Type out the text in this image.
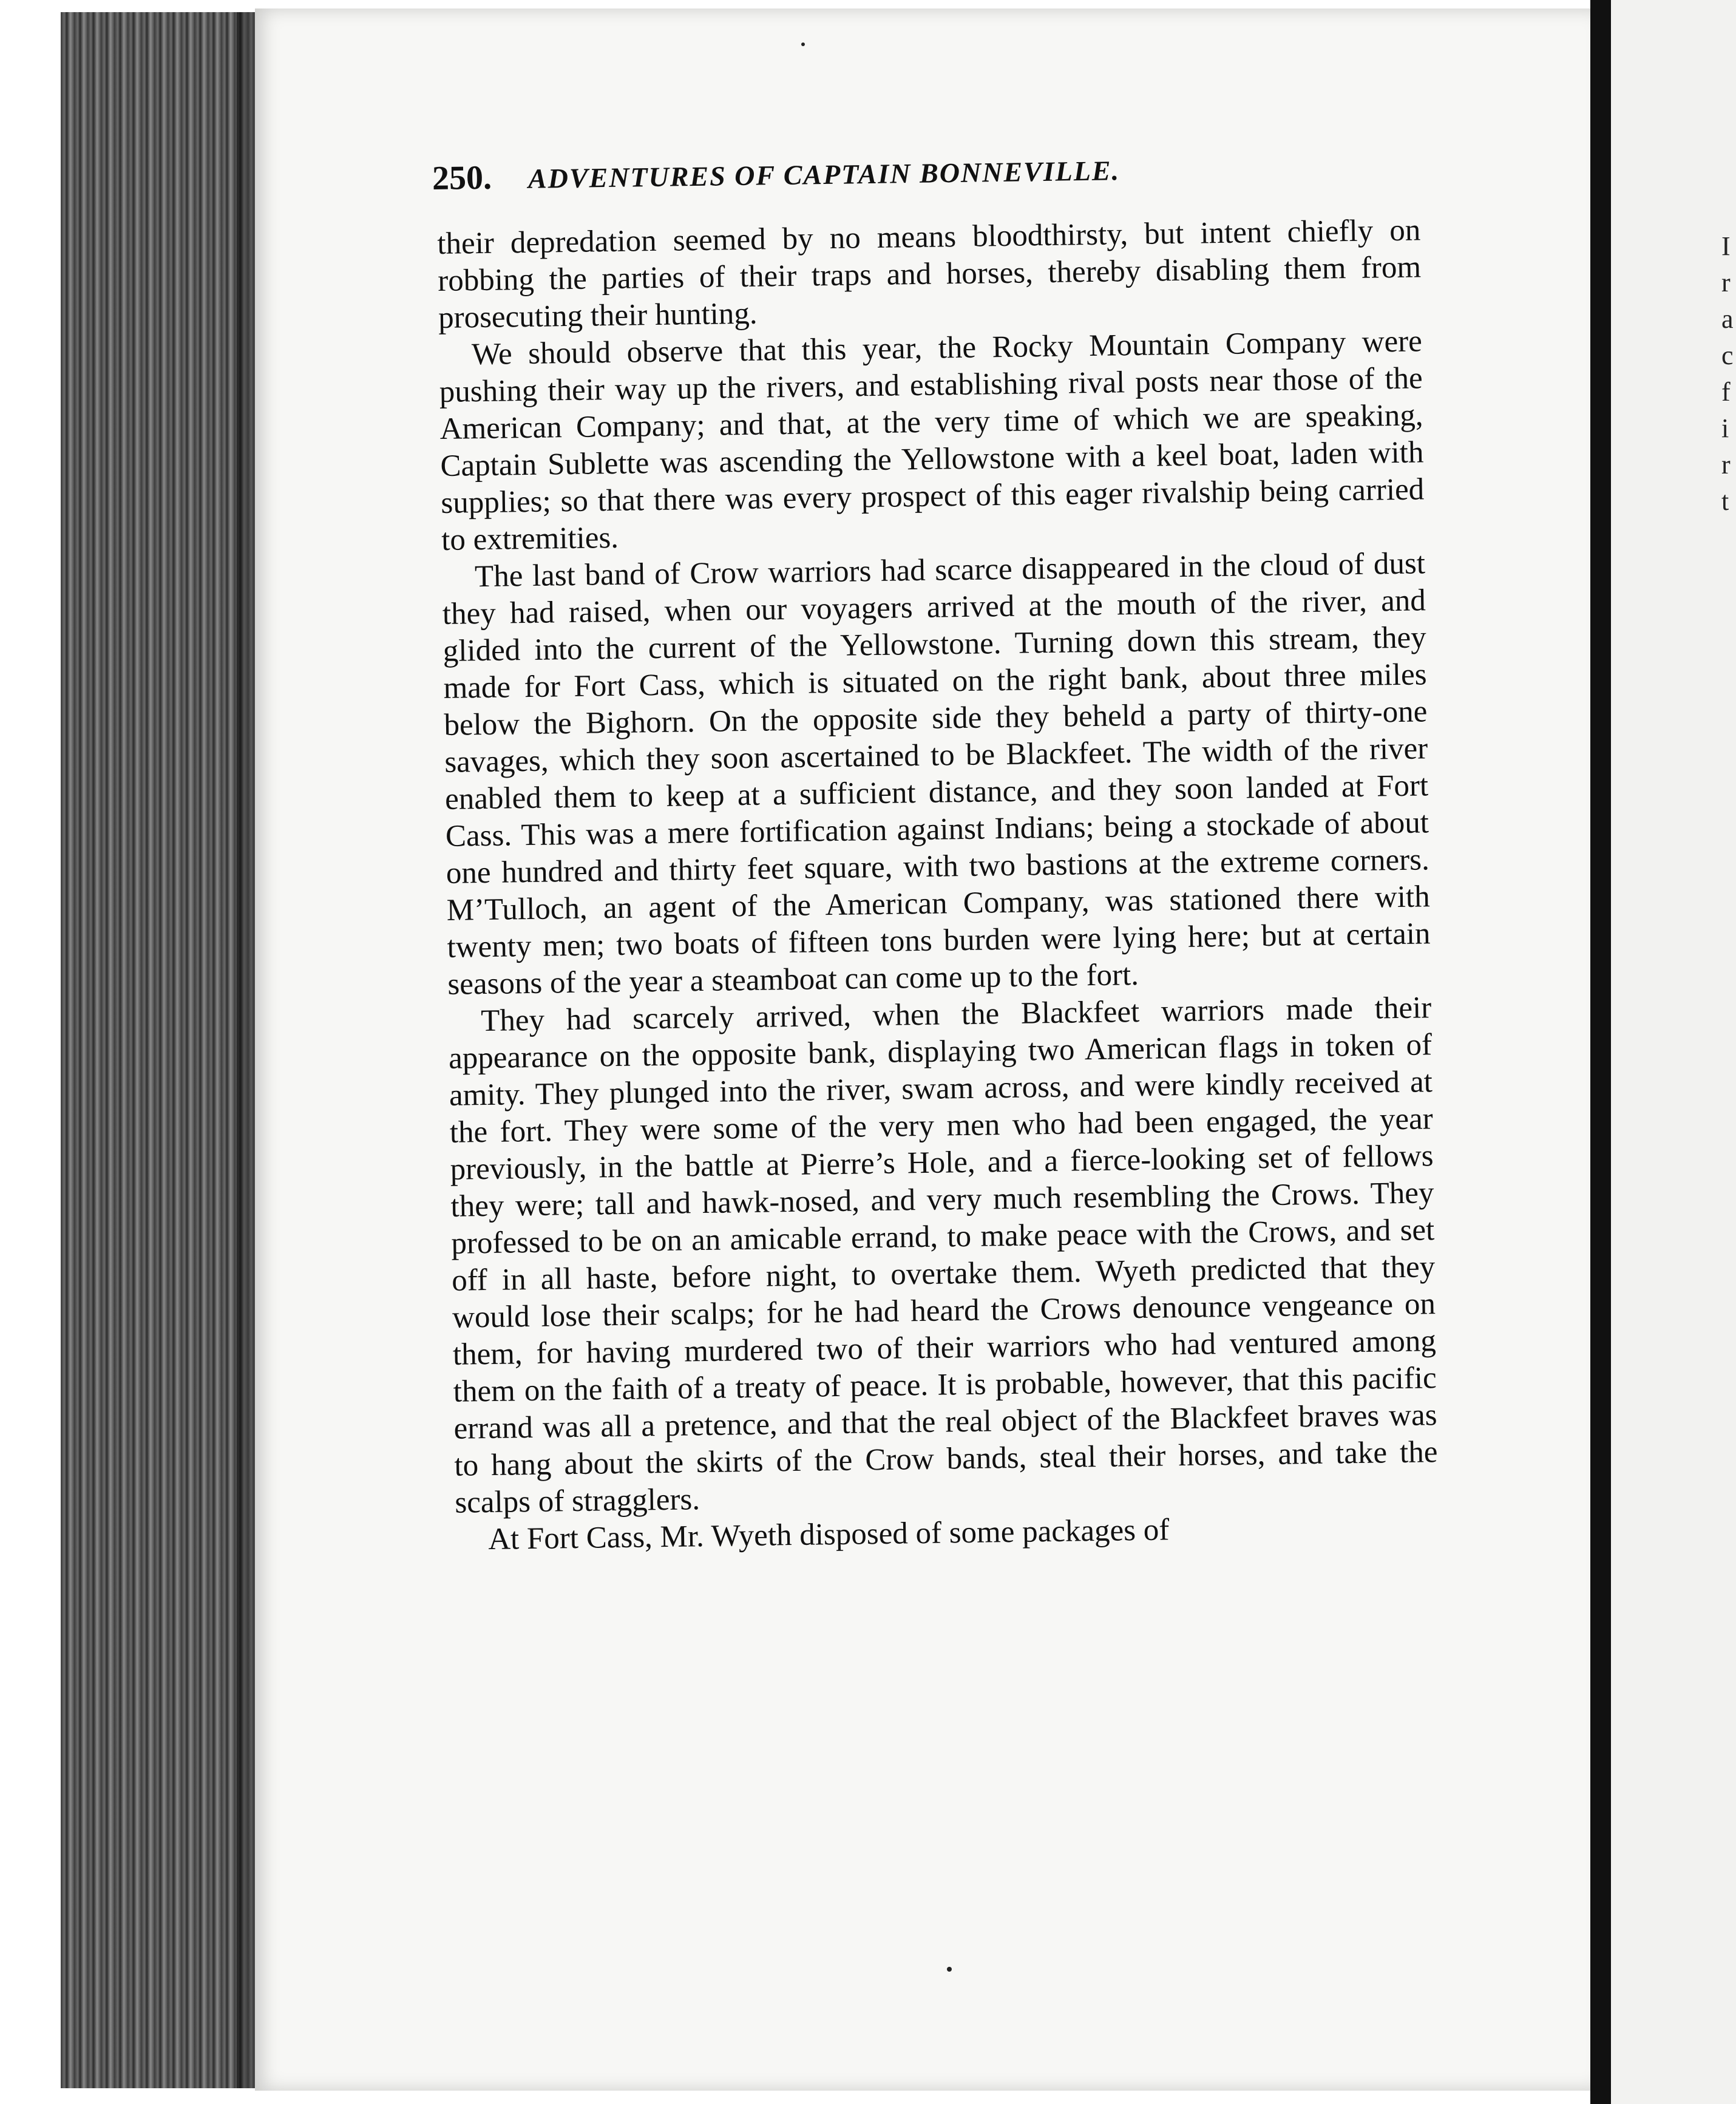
I
r
a
c
f
i
r
t
250. ADVENTURES OF CAPTAIN BONNEVILLE.

their depredation seemed by no means bloodthirsty, but intent chiefly on robbing the parties of their traps and horses, thereby disabling them from prosecuting their hunting.

We should observe that this year, the Rocky Mountain Company were pushing their way up the rivers, and establishing rival posts near those of the American Company; and that, at the very time of which we are speaking, Captain Sublette was ascending the Yellowstone with a keel boat, laden with supplies; so that there was every prospect of this eager rivalship being carried to extremities.

The last band of Crow warriors had scarce disappeared in the cloud of dust they had raised, when our voyagers arrived at the mouth of the river, and glided into the current of the Yellowstone. Turning down this stream, they made for Fort Cass, which is situated on the right bank, about three miles below the Bighorn. On the opposite side they beheld a party of thirty-one savages, which they soon ascertained to be Blackfeet. The width of the river enabled them to keep at a sufficient distance, and they soon landed at Fort Cass. This was a mere fortification against Indians; being a stockade of about one hundred and thirty feet square, with two bastions at the extreme corners. M’Tulloch, an agent of the American Company, was stationed there with twenty men; two boats of fifteen tons burden were lying here; but at certain seasons of the year a steamboat can come up to the fort.

They had scarcely arrived, when the Blackfeet warriors made their appearance on the opposite bank, displaying two American flags in token of amity. They plunged into the river, swam across, and were kindly received at the fort. They were some of the very men who had been engaged, the year previously, in the battle at Pierre’s Hole, and a fierce-looking set of fellows they were; tall and hawk-nosed, and very much resembling the Crows. They professed to be on an amicable errand, to make peace with the Crows, and set off in all haste, before night, to overtake them. Wyeth predicted that they would lose their scalps; for he had heard the Crows denounce vengeance on them, for having murdered two of their warriors who had ventured among them on the faith of a treaty of peace. It is probable, however, that this pacific errand was all a pretence, and that the real object of the Blackfeet braves was to hang about the skirts of the Crow bands, steal their horses, and take the scalps of stragglers.

At Fort Cass, Mr. Wyeth disposed of some packages of
